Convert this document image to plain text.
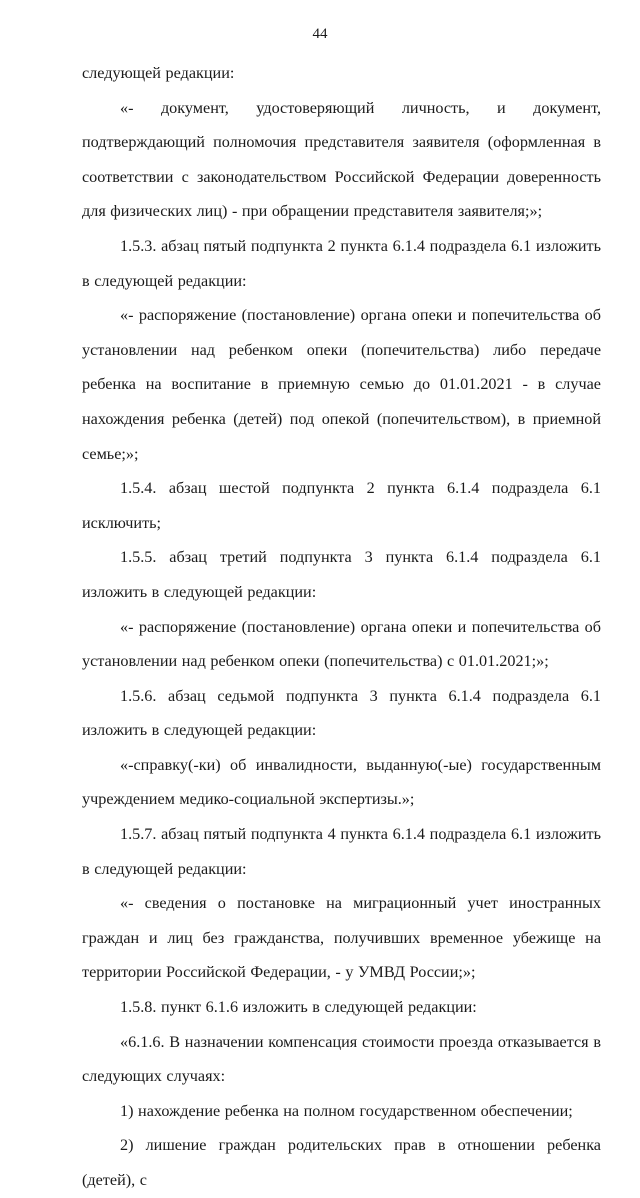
44

следующей редакции:

«- документ, удостоверяющий личность, и документ, подтверждающий полномочия представителя заявителя (оформленная в соответствии с законодательством Российской Федерации доверенность для физических лиц) - при обращении представителя заявителя;»;

1.5.3. абзац пятый подпункта 2 пункта 6.1.4 подраздела 6.1 изложить в следующей редакции:

«- распоряжение (постановление) органа опеки и попечительства об установлении над ребенком опеки (попечительства) либо передаче ребенка на воспитание в приемную семью до 01.01.2021 - в случае нахождения ребенка (детей) под опекой (попечительством), в приемной семье;»;

1.5.4. абзац шестой подпункта 2 пункта 6.1.4 подраздела 6.1 исключить;

1.5.5. абзац третий подпункта 3 пункта 6.1.4 подраздела 6.1 изложить в следующей редакции:

«- распоряжение (постановление) органа опеки и попечительства об установлении над ребенком опеки (попечительства) с 01.01.2021;»;

1.5.6. абзац седьмой подпункта 3 пункта 6.1.4 подраздела 6.1 изложить в следующей редакции:

«-справку(-ки) об инвалидности, выданную(-ые) государственным учреждением медико-социальной экспертизы.»;

1.5.7. абзац пятый подпункта 4 пункта 6.1.4 подраздела 6.1 изложить в следующей редакции:

«- сведения о постановке на миграционный учет иностранных граждан и лиц без гражданства, получивших временное убежище на территории Российской Федерации, - у УМВД России;»;

1.5.8. пункт 6.1.6 изложить в следующей редакции:

«6.1.6. В назначении компенсация стоимости проезда отказывается в следующих случаях:

1) нахождение ребенка на полном государственном обеспечении;

2) лишение граждан родительских прав в отношении ребенка (детей), с
